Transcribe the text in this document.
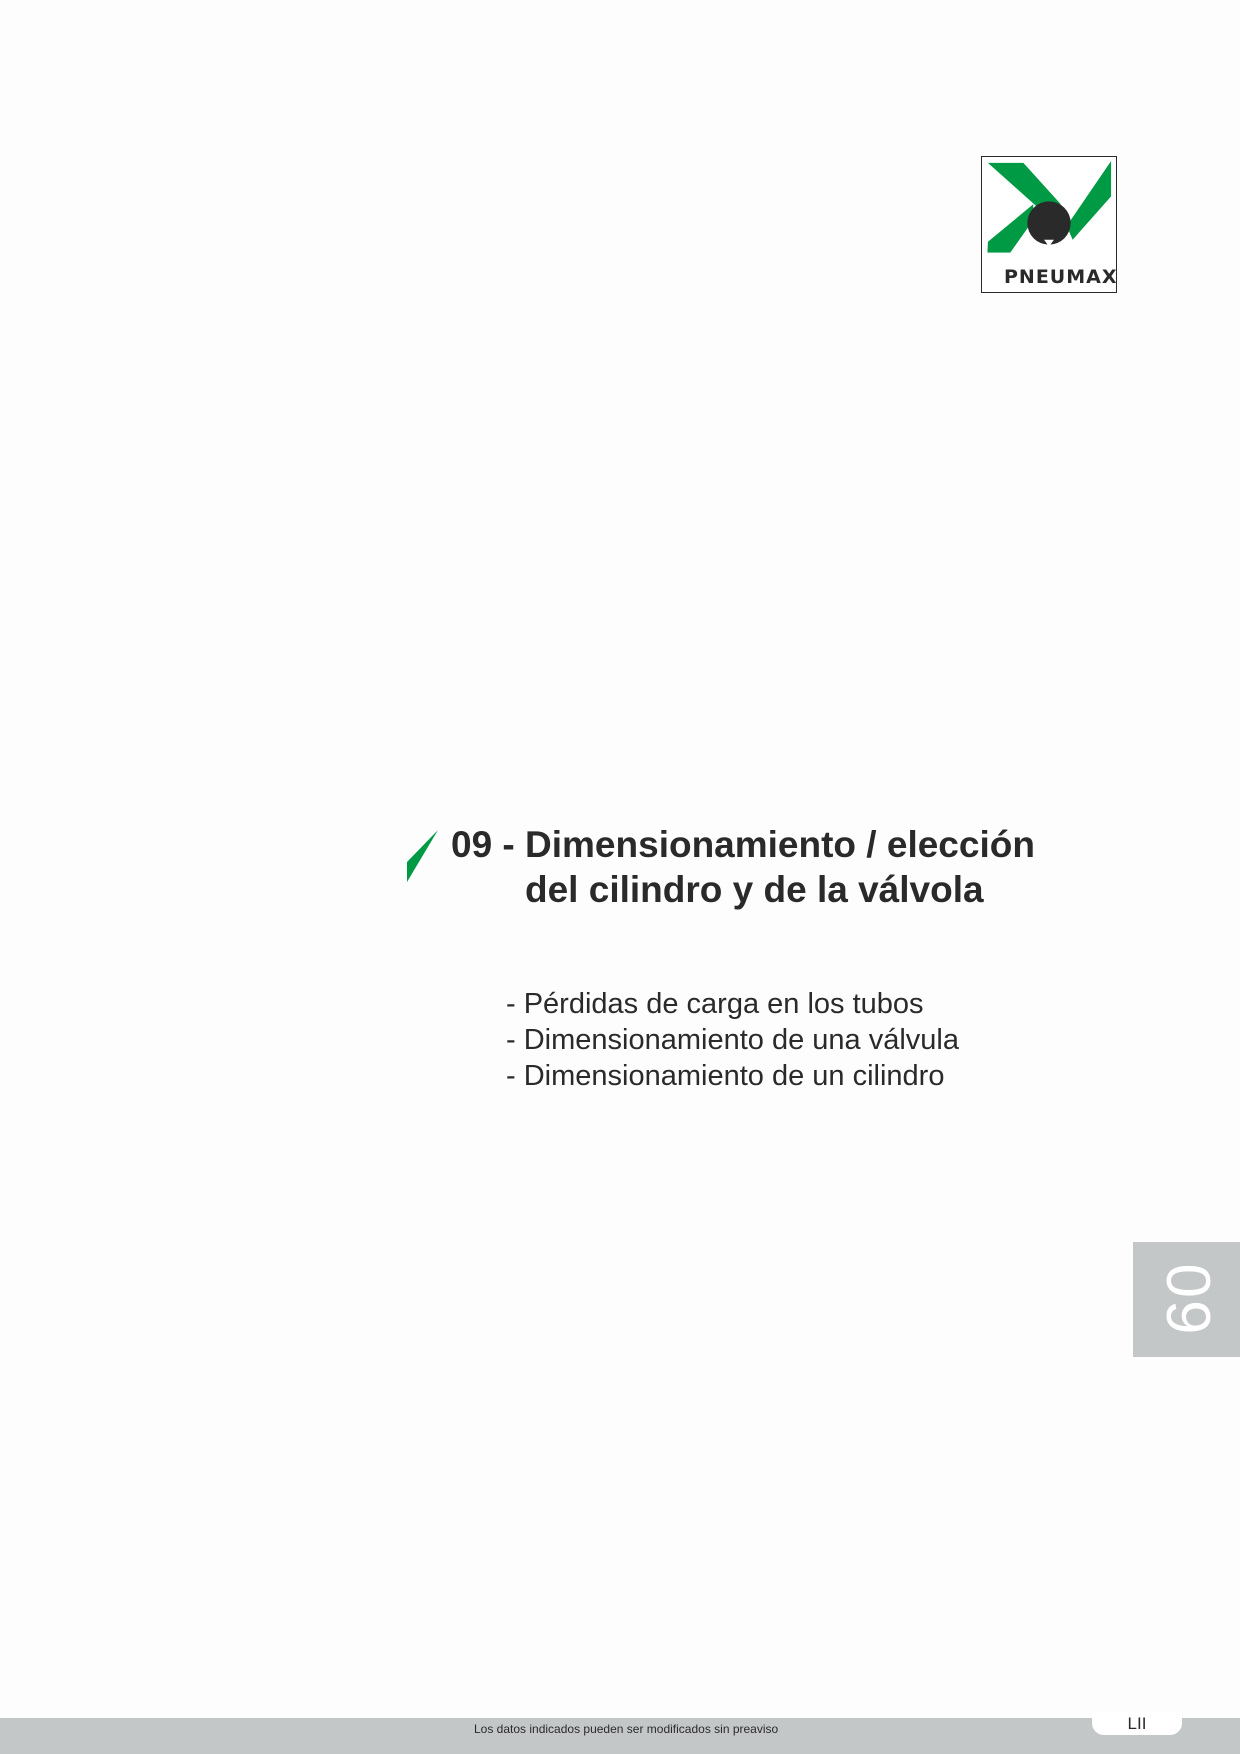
PNEUMAX
09 - Dimensionamiento / elección
del cilindro y de la válvola
- Pérdidas de carga en los tubos
- Dimensionamiento de una válvula
- Dimensionamiento de un cilindro
09
Los datos indicados pueden ser modificados sin preaviso	LII
